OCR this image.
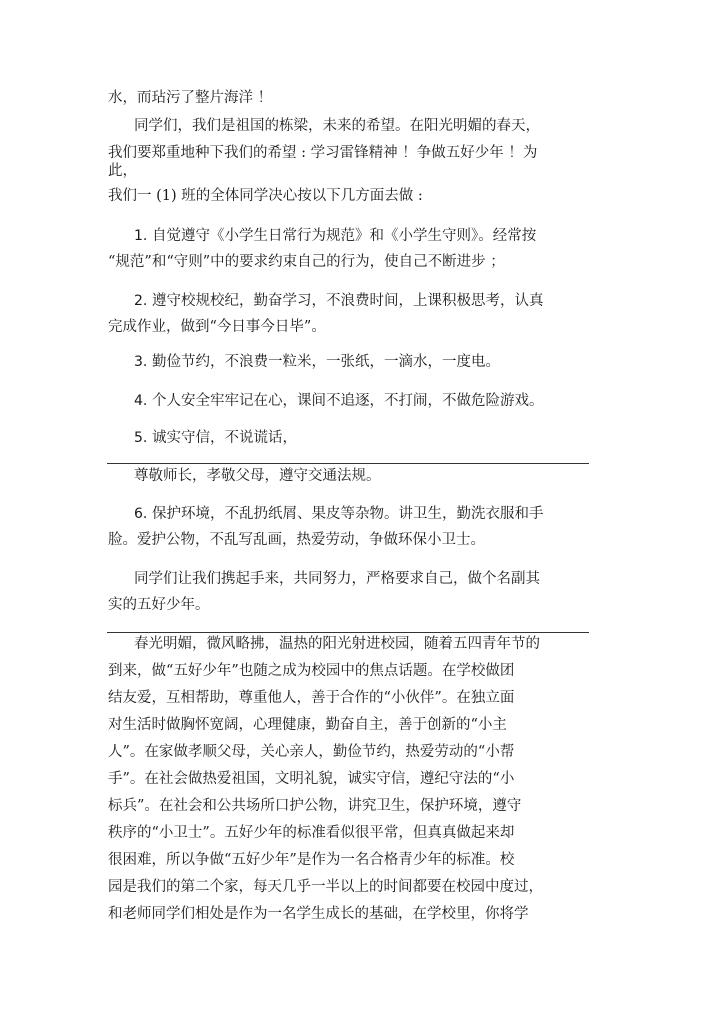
水，而玷污了整片海洋 ！
同学们，我们是祖国的栋梁，未来的希望。在阳光明媚的春天，
我们要郑重地种下我们的希望 : 学习雷锋精神 ！争做五好少年 ！为
此，
我们一 (1) 班的全体同学决心按以下几方面去做 :
1. 自觉遵守《小学生日常行为规范》和《小学生守则》。经常按
“规范”和“守则”中的要求约束自己的行为，使自己不断进步 ；
2. 遵守校规校纪，勤奋学习，不浪费时间，上课积极思考，认真
完成作业，做到“今日事今日毕”。
3. 勤俭节约，不浪费一粒米，一张纸，一滴水，一度电。
4. 个人安全牢牢记在心，课间不追逐，不打闹，不做危险游戏。
5. 诚实守信，不说谎话，
尊敬师长，孝敬父母，遵守交通法规。
6. 保护环境，不乱扔纸屑、果皮等杂物。讲卫生，勤洗衣服和手
脸。爱护公物，不乱写乱画，热爱劳动，争做环保小卫士。
同学们让我们携起手来，共同努力，严格要求自己，做个名副其
实的五好少年。
春光明媚，微风略拂，温热的阳光射进校园，随着五四青年节的
到来，做“五好少年”也随之成为校园中的焦点话题。在学校做团
结友爱，互相帮助，尊重他人，善于合作的“小伙伴”。在独立面
对生活时做胸怀宽阔，心理健康，勤奋自主，善于创新的“小主
人”。在家做孝顺父母，关心亲人，勤俭节约，热爱劳动的“小帮
手”。在社会做热爱祖国，文明礼貌，诚实守信，遵纪守法的“小
标兵”。在社会和公共场所口护公物，讲究卫生，保护环境，遵守
秩序的“小卫士”。五好少年的标准看似很平常，但真真做起来却
很困难，所以争做“五好少年”是作为一名合格青少年的标准。校
园是我们的第二个家，每天几乎一半以上的时间都要在校园中度过，
和老师同学们相处是作为一名学生成长的基础，在学校里，你将学
